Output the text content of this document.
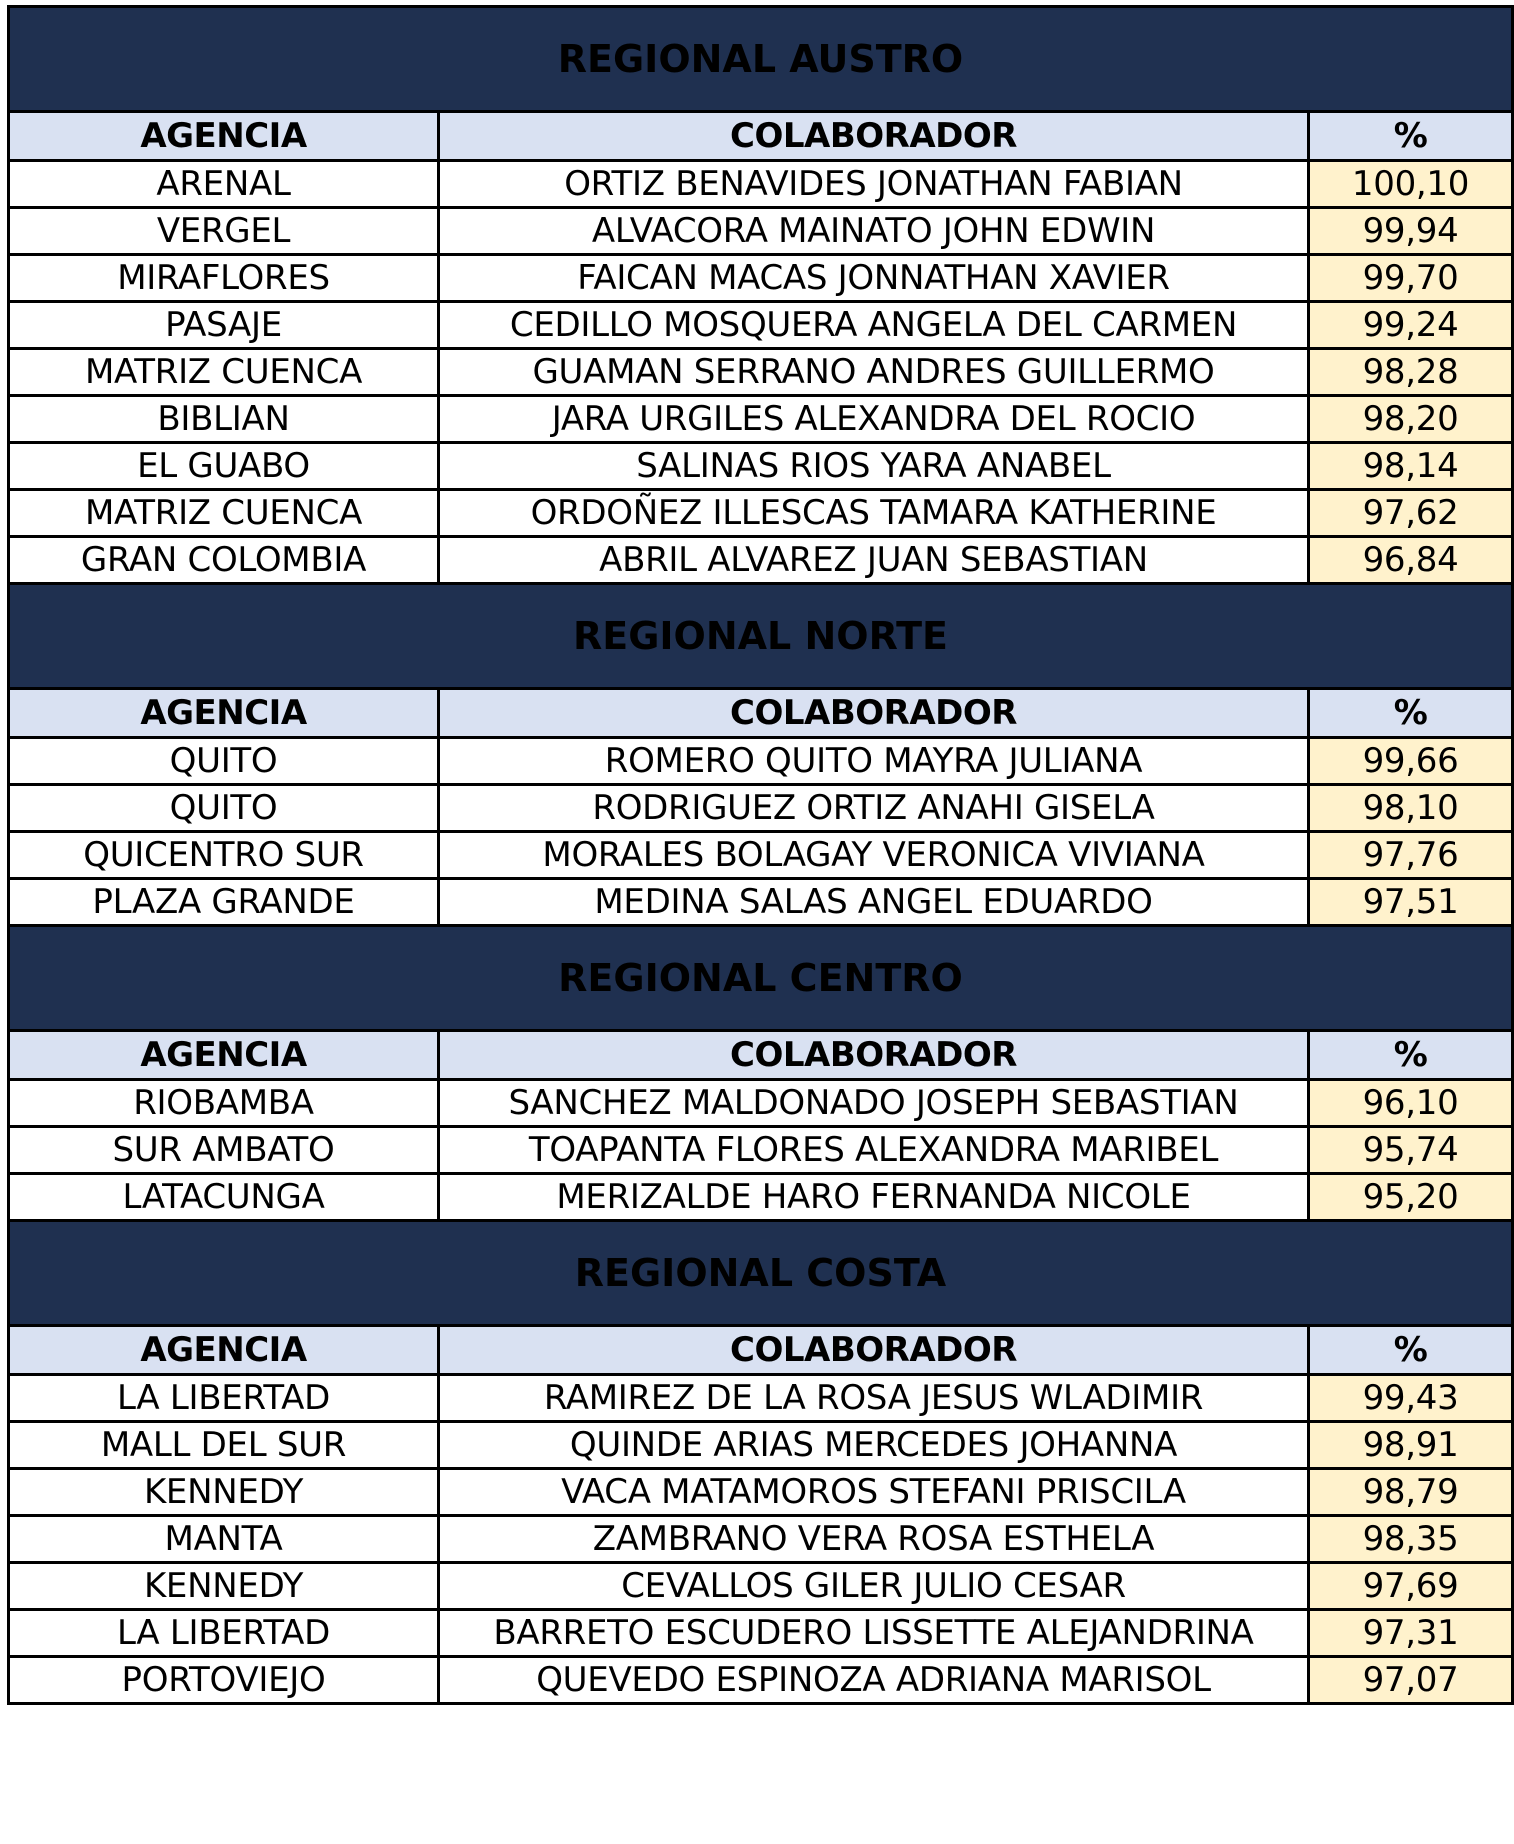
REGIONAL AUSTRO		
AGENCIA	COLABORADOR	%
ARENAL	ORTIZ BENAVIDES JONATHAN FABIAN	100,10
VERGEL	ALVACORA MAINATO JOHN EDWIN	99,94
MIRAFLORES	FAICAN MACAS JONNATHAN XAVIER	99,70
PASAJE	CEDILLO MOSQUERA ANGELA DEL CARMEN	99,24
MATRIZ CUENCA	GUAMAN SERRANO ANDRES GUILLERMO	98,28
BIBLIAN	JARA URGILES ALEXANDRA DEL ROCIO	98,20
EL GUABO	SALINAS RIOS YARA ANABEL	98,14
MATRIZ CUENCA	ORDOÑEZ ILLESCAS TAMARA KATHERINE	97,62
GRAN COLOMBIA	ABRIL ALVAREZ JUAN SEBASTIAN	96,84
REGIONAL NORTE		
AGENCIA	COLABORADOR	%
QUITO	ROMERO QUITO MAYRA JULIANA	99,66
QUITO	RODRIGUEZ ORTIZ ANAHI GISELA	98,10
QUICENTRO SUR	MORALES BOLAGAY VERONICA VIVIANA	97,76
PLAZA GRANDE	MEDINA SALAS ANGEL EDUARDO	97,51
REGIONAL CENTRO		
AGENCIA	COLABORADOR	%
RIOBAMBA	SANCHEZ MALDONADO JOSEPH SEBASTIAN	96,10
SUR AMBATO	TOAPANTA FLORES ALEXANDRA MARIBEL	95,74
LATACUNGA	MERIZALDE HARO FERNANDA NICOLE	95,20
REGIONAL COSTA		
AGENCIA	COLABORADOR	%
LA LIBERTAD	RAMIREZ DE LA ROSA JESUS WLADIMIR	99,43
MALL DEL SUR	QUINDE ARIAS MERCEDES JOHANNA	98,91
KENNEDY	VACA MATAMOROS STEFANI PRISCILA	98,79
MANTA	ZAMBRANO VERA ROSA ESTHELA	98,35
KENNEDY	CEVALLOS GILER JULIO CESAR	97,69
LA LIBERTAD	BARRETO ESCUDERO LISSETTE ALEJANDRINA	97,31
PORTOVIEJO	QUEVEDO ESPINOZA ADRIANA MARISOL	97,07
